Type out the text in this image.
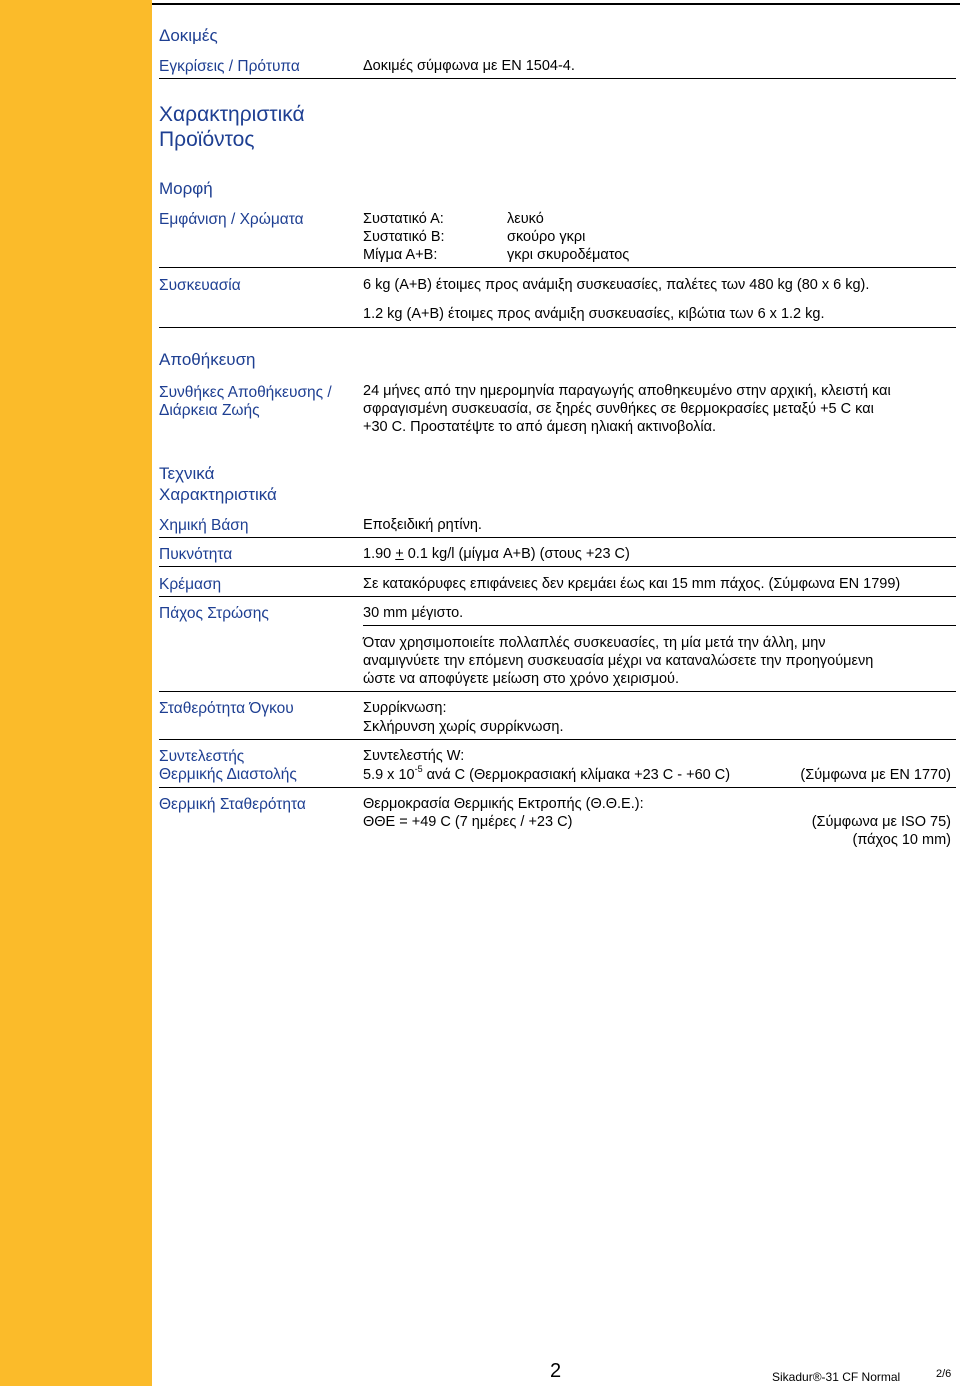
Δοκιμές
Εγκρίσεις / Πρότυπα	Δοκιμές σύμφωνα με EN 1504-4.
Χαρακτηριστικά
Προϊόντος
Μορφή
Εμφάνιση / Χρώματα	Συστατικό Α:	λευκό
Συστατικό B:	σκούρο γκρι
Μίγμα Α+Β:	γκρι σκυροδέματος
Συσκευασία	6 kg (A+B) έτοιμες προς ανάμιξη συσκευασίες, παλέτες των 480 kg (80 x 6 kg).
1.2 kg (A+B) έτοιμες προς ανάμιξη συσκευασίες, κιβώτια των 6 x 1.2 kg.
Αποθήκευση
Συνθήκες Αποθήκευσης /
Διάρκεια Ζωής
24 μήνες από την ημερομηνία παραγωγής αποθηκευμένο στην αρχική, κλειστή και
σφραγισμένη συσκευασία, σε ξηρές συνθήκες σε θερμοκρασίες μεταξύ +5 C και
+30 C. Προστατέψτε το από άμεση ηλιακή ακτινοβολία.
Τεχνικά
Χαρακτηριστικά
Χημική Βάση	Εποξειδική ρητίνη.
Πυκνότητα	1.90 + 0.1 kg/l (μίγμα A+B) (στους +23 C)
Κρέμαση	Σε κατακόρυφες επιφάνειες δεν κρεμάει έως και 15 mm πάχος. (Σύμφωνα EN 1799)
Πάχος Στρώσης	30 mm μέγιστο.
Όταν χρησιμοποιείτε πολλαπλές συσκευασίες, τη μία μετά την άλλη, μην
αναμιγνύετε την επόμενη συσκευασία μέχρι να καταναλώσετε την προηγούμενη
ώστε να αποφύγετε μείωση στο χρόνο χειρισμού.
Σταθερότητα Όγκου	Συρρίκνωση:
Σκλήρυνση χωρίς συρρίκνωση.
Συντελεστής
Θερμικής Διαστολής
Συντελεστής W:
5.9 x $10^{-5}$ ανά C (Θερμοκρασιακή κλίμακα +23 C - +60 C)	(Σύμφωνα με EN 1770)
Θερμική Σταθερότητα	Θερμοκρασία Θερμικής Εκτροπής (Θ.Θ.Ε.):
ΘΘΕ = +49 C (7 ημέρες / +23 C)	(Σύμφωνα με ISO 75)
(πάχος 10 mm)
2	Sikadur®-31 CF Normal	2/6
